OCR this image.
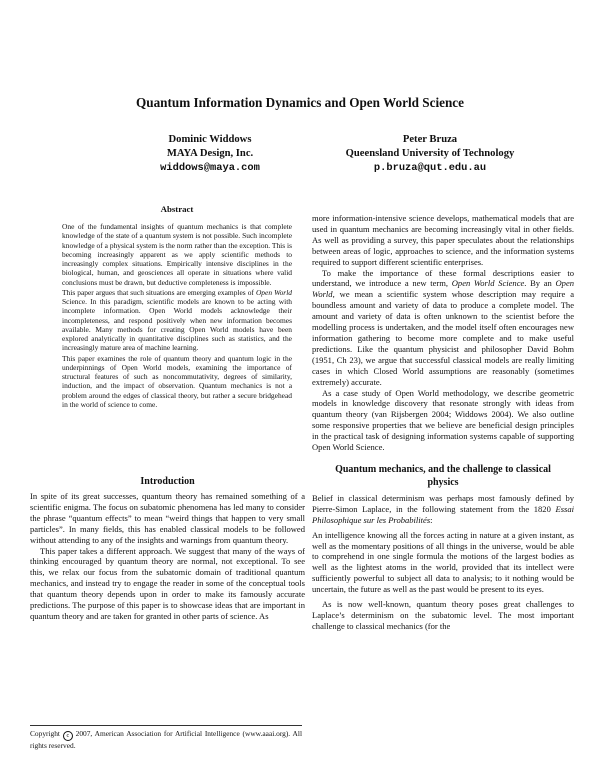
Quantum Information Dynamics and Open World Science
Dominic Widdows
MAYA Design, Inc.
widdows@maya.com
Peter Bruza
Queensland University of Technology
p.bruza@qut.edu.au
Abstract

One of the fundamental insights of quantum mechanics is that complete knowledge of the state of a quantum system is not possible. Such incomplete knowledge of a physical system is the norm rather than the exception. This is becoming increasingly apparent as we apply scientific methods to increasingly complex situations. Empirically intensive disciplines in the biological, human, and geosciences all operate in situations where valid conclusions must be drawn, but deductive completeness is impossible.

This paper argues that such situations are emerging examples of Open World Science. In this paradigm, scientific models are known to be acting with incomplete information. Open World models acknowledge their incompleteness, and respond positively when new information becomes available. Many methods for creating Open World models have been explored analytically in quantitative disciplines such as statistics, and the increasingly mature area of machine learning.

This paper examines the role of quantum theory and quantum logic in the underpinnings of Open World models, examining the importance of structural features of such as noncommutativity, degrees of similarity, induction, and the impact of observation. Quantum mechanics is not a problem around the edges of classical theory, but rather a secure bridgehead in the world of science to come.

Introduction

In spite of its great successes, quantum theory has remained something of a scientific enigma. The focus on subatomic phenomena has led many to consider the phrase “quantum effects” to mean “weird things that happen to very small particles”. In many fields, this has enabled classical models to be followed without attending to any of the insights and warnings from quantum theory.

This paper takes a different approach. We suggest that many of the ways of thinking encouraged by quantum theory are normal, not exceptional. To see this, we relax our focus from the subatomic domain of traditional quantum mechanics, and instead try to engage the reader in some of the conceptual tools that quantum theory depends upon in order to make its famously accurate predictions. The purpose of this paper is to showcase ideas that are important in quantum theory and are taken for granted in other parts of science. As

Copyright c 2007, American Association for Artificial Intelligence (www.aaai.org). All rights reserved.

more information-intensive science develops, mathematical models that are used in quantum mechanics are becoming increasingly vital in other fields. As well as providing a survey, this paper speculates about the relationships between areas of logic, approaches to science, and the information systems required to support different scientific enterprises.

To make the importance of these formal descriptions easier to understand, we introduce a new term, Open World Science. By an Open World, we mean a scientific system whose description may require a boundless amount and variety of data to produce a complete model. The amount and variety of data is often unknown to the scientist before the modelling process is undertaken, and the model itself often encourages new information gathering to become more complete and to make useful predictions. Like the quantum physicist and philosopher David Bohm (1951, Ch 23), we argue that successful classical models are really limiting cases in which Closed World assumptions are reasonably (sometimes extremely) accurate.

As a case study of Open World methodology, we describe geometric models in knowledge discovery that resonate strongly with ideas from quantum theory (van Rijsbergen 2004; Widdows 2004). We also outline some responsive properties that we believe are beneficial design principles in the practical task of designing information systems capable of supporting Open World Science.

Quantum mechanics, and the challenge to classical physics

Belief in classical determinism was perhaps most famously defined by Pierre-Simon Laplace, in the following statement from the 1820 Essai Philosophique sur les Probabilités:

An intelligence knowing all the forces acting in nature at a given instant, as well as the momentary positions of all things in the universe, would be able to comprehend in one single formula the motions of the largest bodies as well as the lightest atoms in the world, provided that its intellect were sufficiently powerful to subject all data to analysis; to it nothing would be uncertain, the future as well as the past would be present to its eyes.

As is now well-known, quantum theory poses great challenges to Laplace’s determinism on the subatomic level. The most important challenge to classical mechanics (for the
